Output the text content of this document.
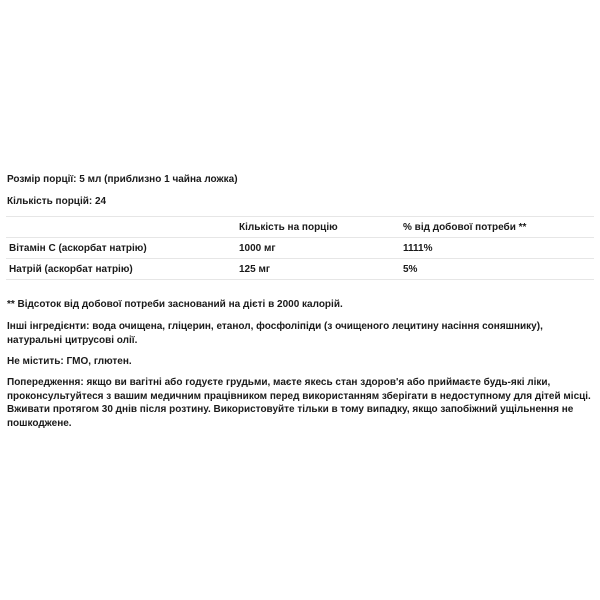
Розмір порції: 5 мл (приблизно 1 чайна ложка)
Кількість порцій: 24
	Кількість на порцію	% від добової потреби **
Вітамін С (аскорбат натрію)	1000 мг	1111%
Натрій (аскорбат натрію)	125 мг	5%
** Відсоток від добової потреби заснований на дієті в 2000 калорій.
Інші інгредієнти: вода очищена, гліцерин, етанол, фосфоліпіди (з очищеного лецитину насіння соняшнику), натуральні цитрусові олії.
Не містить: ГМО, глютен.
Попередження: якщо ви вагітні або годуєте грудьми, маєте якесь стан здоров'я або приймаєте будь-які ліки, проконсультуйтеся з вашим медичним працівником перед використанням зберігати в недоступному для дітей місці. Вживати протягом 30 днів після розтину. Використовуйте тільки в тому випадку, якщо запобіжний ущільнення не пошкоджене.
